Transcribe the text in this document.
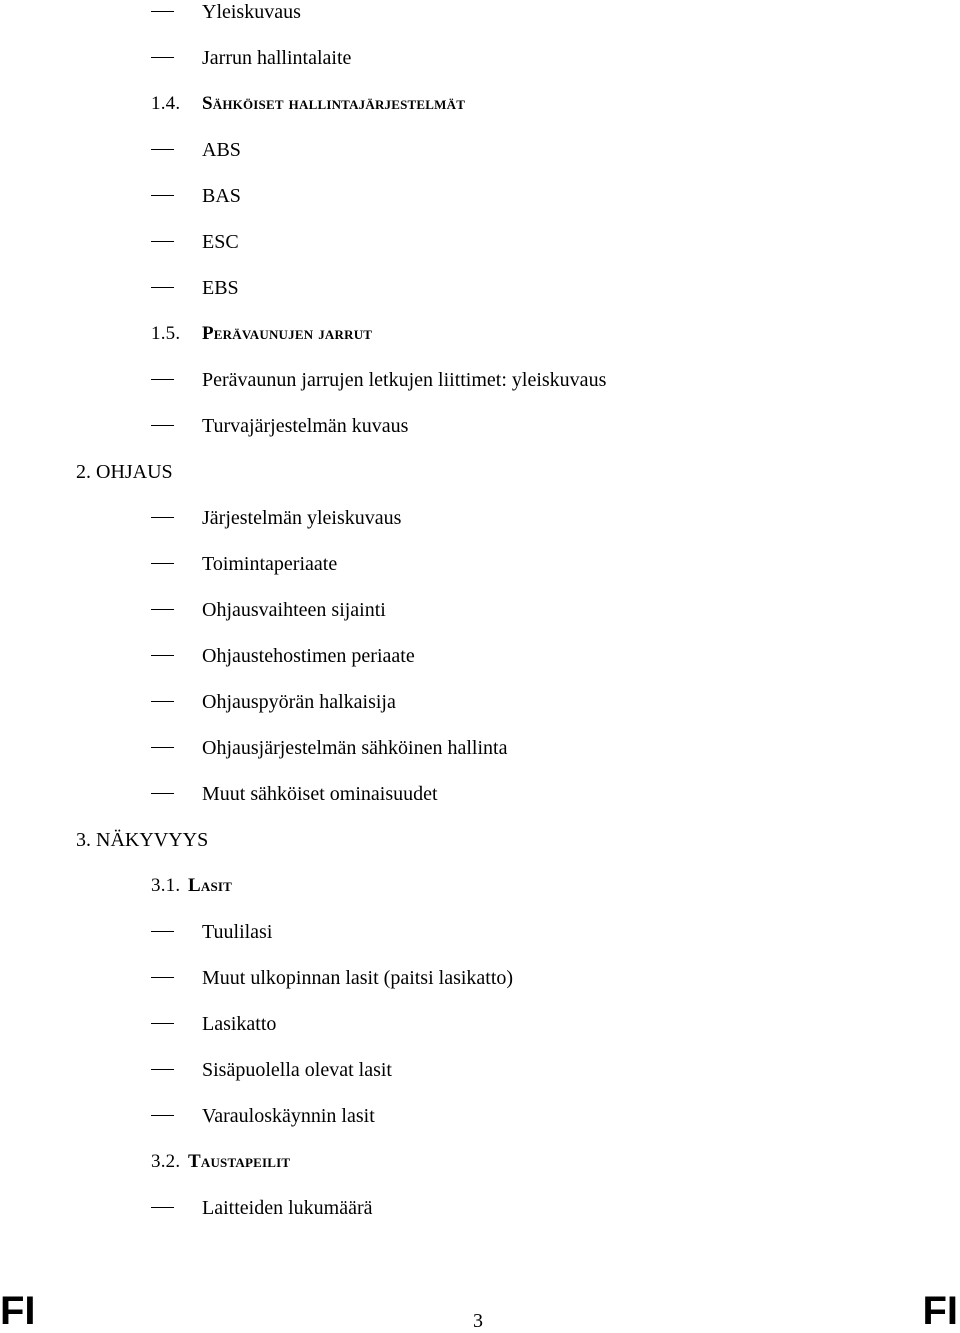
Yleiskuvaus
Jarrun hallintalaite
1.4. Sähköiset hallintajärjestelmät
ABS
BAS
ESC
EBS
1.5. Perävaunujen jarrut
Perävaunun jarrujen letkujen liittimet: yleiskuvaus
Turvajärjestelmän kuvaus
2. OHJAUS
Järjestelmän yleiskuvaus
Toimintaperiaate
Ohjausvaihteen sijainti
Ohjaustehostimen periaate
Ohjauspyörän halkaisija
Ohjausjärjestelmän sähköinen hallinta
Muut sähköiset ominaisuudet
3. NÄKYVYYS
3.1. Lasit
Tuulilasi
Muut ulkopinnan lasit (paitsi lasikatto)
Lasikatto
Sisäpuolella olevat lasit
Varauloskäynnin lasit
3.2. Taustapeilit
Laitteiden lukumäärä
FI	3	FI
